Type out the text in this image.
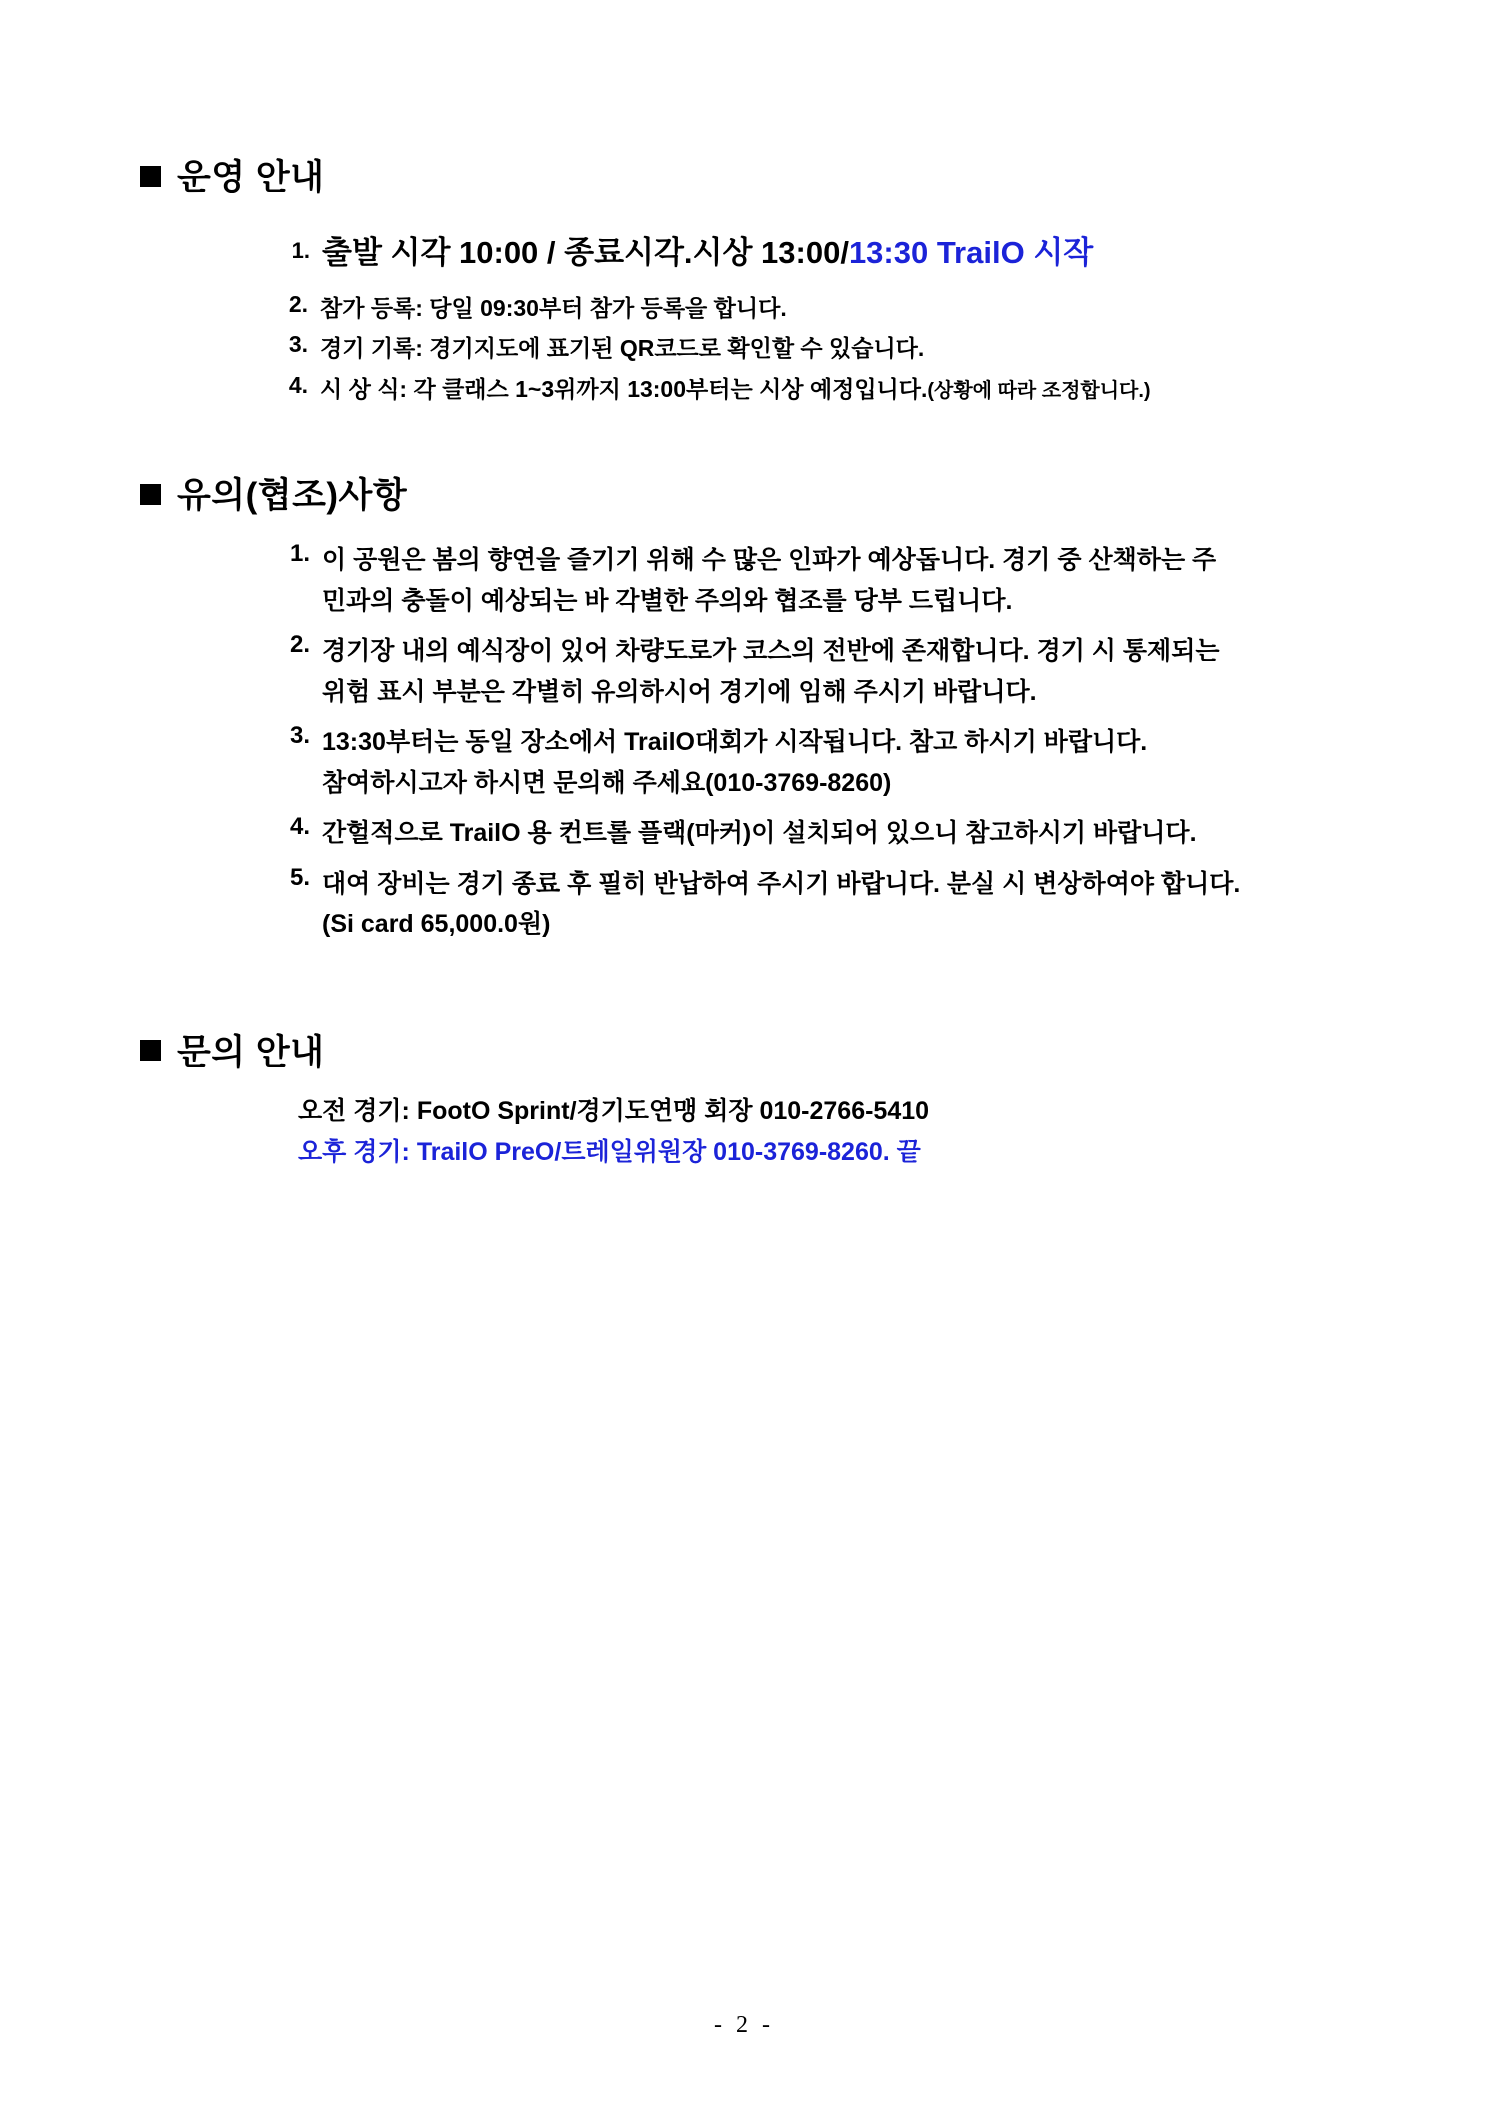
운영 안내
1. 출발 시각 10:00 / 종료시각.시상 13:00/13:30 TrailO 시작
2. 참가 등록: 당일 09:30부터 참가 등록을 합니다.
3. 경기 기록: 경기지도에 표기된 QR코드로 확인할 수 있습니다.
4. 시 상 식: 각 클래스 1~3위까지 13:00부터는 시상 예정입니다.(상황에 따라 조정합니다.)
유의(협조)사항
1. 이 공원은 봄의 향연을 즐기기 위해 수 많은 인파가 예상돕니다. 경기 중 산책하는 주
민과의 충돌이 예상되는 바 각별한 주의와 협조를 당부 드립니다.
2. 경기장 내의 예식장이 있어 차량도로가 코스의 전반에 존재합니다. 경기 시 통제되는
위험 표시 부분은 각별히 유의하시어 경기에 임해 주시기 바랍니다.
3. 13:30부터는 동일 장소에서 TrailO대회가 시작됩니다. 참고 하시기 바랍니다.
참여하시고자 하시면 문의해 주세요(010-3769-8260)
4. 간헐적으로 TrailO 용 컨트롤 플랙(마커)이 설치되어 있으니 참고하시기 바랍니다.
5. 대여 장비는 경기 종료 후 필히 반납하여 주시기 바랍니다. 분실 시 변상하여야 합니다.
(Si card 65,000.0원)
문의 안내
오전 경기: FootO Sprint/경기도연맹 회장 010-2766-5410
오후 경기: TrailO PreO/트레일위원장 010-3769-8260. 끝
- 2 -
